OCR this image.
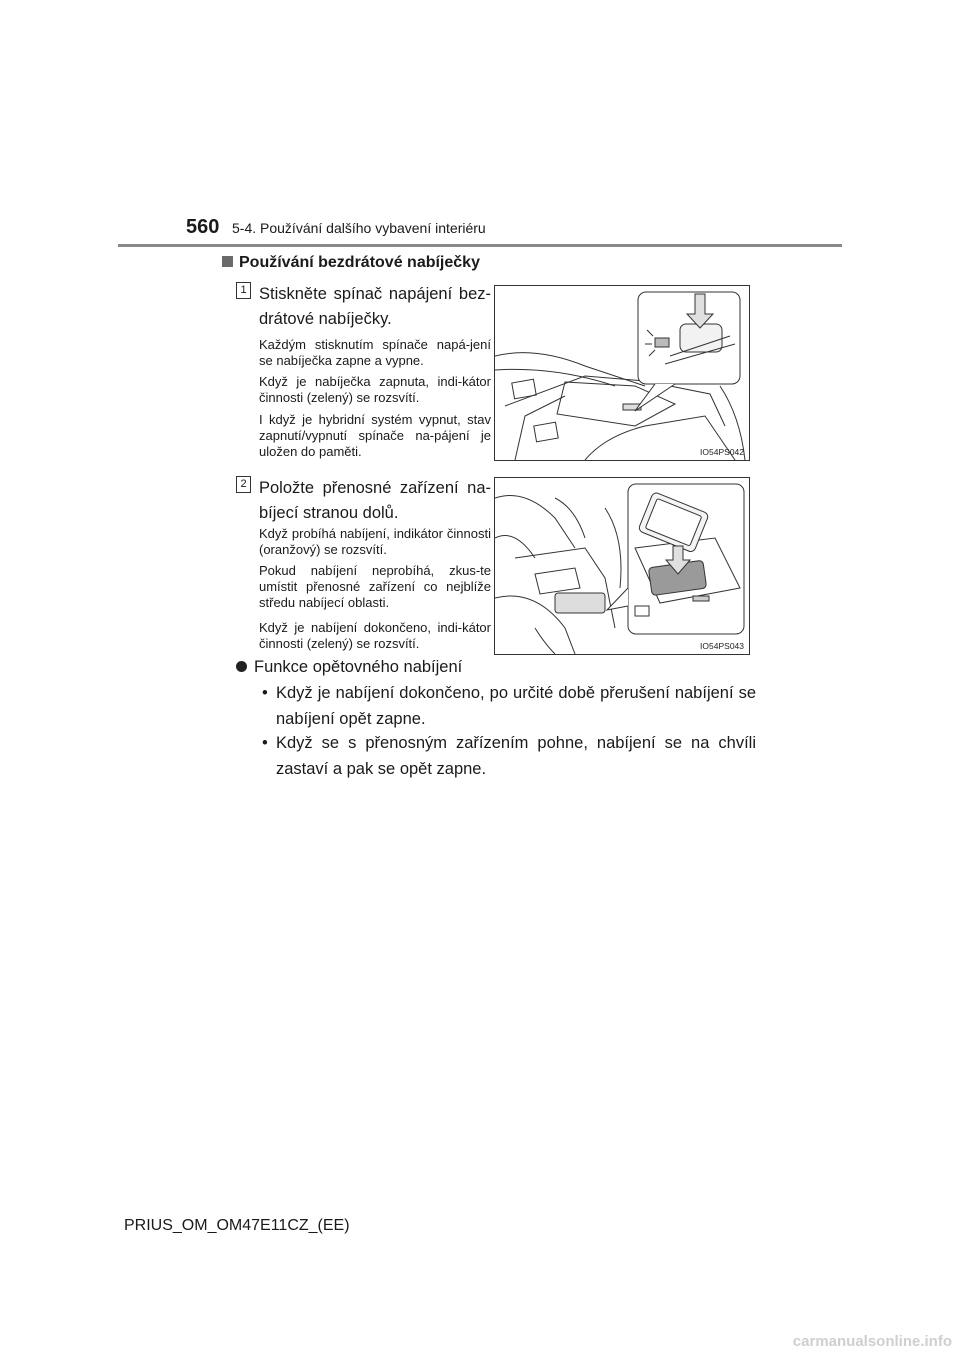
560 5-4. Používání dalšího vybavení interiéru
Používání bezdrátové nabíječky
1 Stiskněte spínač napájení bez-drátové nabíječky.
Každým stisknutím spínače napá-jení se nabíječka zapne a vypne.
Když je nabíječka zapnuta, indi-kátor činnosti (zelený) se rozsvítí.
I když je hybridní systém vypnut, stav zapnutí/vypnutí spínače na-pájení je uložen do paměti.	IO54PS042
2 Položte přenosné zařízení na-bíjecí stranou dolů.
Když probíhá nabíjení, indikátor činnosti (oranžový) se rozsvítí.
Pokud nabíjení neprobíhá, zkus-te umístit přenosné zařízení co nejblíže středu nabíjecí oblasti.
Když je nabíjení dokončeno, indi-kátor činnosti (zelený) se rozsvítí.	IO54PS043
Funkce opětovného nabíjení
• Když je nabíjení dokončeno, po určité době přerušení nabíjení se nabíjení opět zapne.
• Když se s přenosným zařízením pohne, nabíjení se na chvíli zastaví a pak se opět zapne.
PRIUS_OM_OM47E11CZ_(EE)
carmanualsonline.info
